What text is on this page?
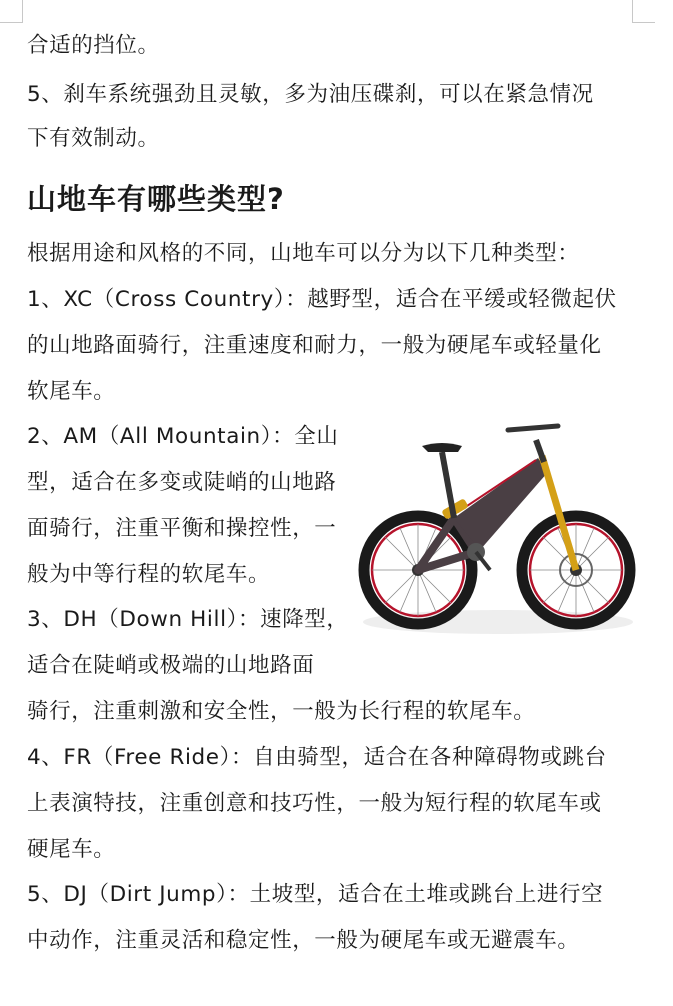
合适的挡位。

5、刹车系统强劲且灵敏，多为油压碟刹，可以在紧急情况

下有效制动。

山地车有哪些类型?

根据用途和风格的不同，山地车可以分为以下几种类型：

1、XC（Cross Country）：越野型，适合在平缓或轻微起伏

的山地路面骑行，注重速度和耐力，一般为硬尾车或轻量化

软尾车。

2、AM（All Mountain）：全山

型，适合在多变或陡峭的山地路

面骑行，注重平衡和操控性，一

般为中等行程的软尾车。

3、DH（Down Hill）：速降型，

适合在陡峭或极端的山地路面

骑行，注重刺激和安全性，一般为长行程的软尾车。

4、FR（Free Ride）：自由骑型，适合在各种障碍物或跳台

上表演特技，注重创意和技巧性，一般为短行程的软尾车或

硬尾车。

5、DJ（Dirt Jump）：土坡型，适合在土堆或跳台上进行空

中动作，注重灵活和稳定性，一般为硬尾车或无避震车。
